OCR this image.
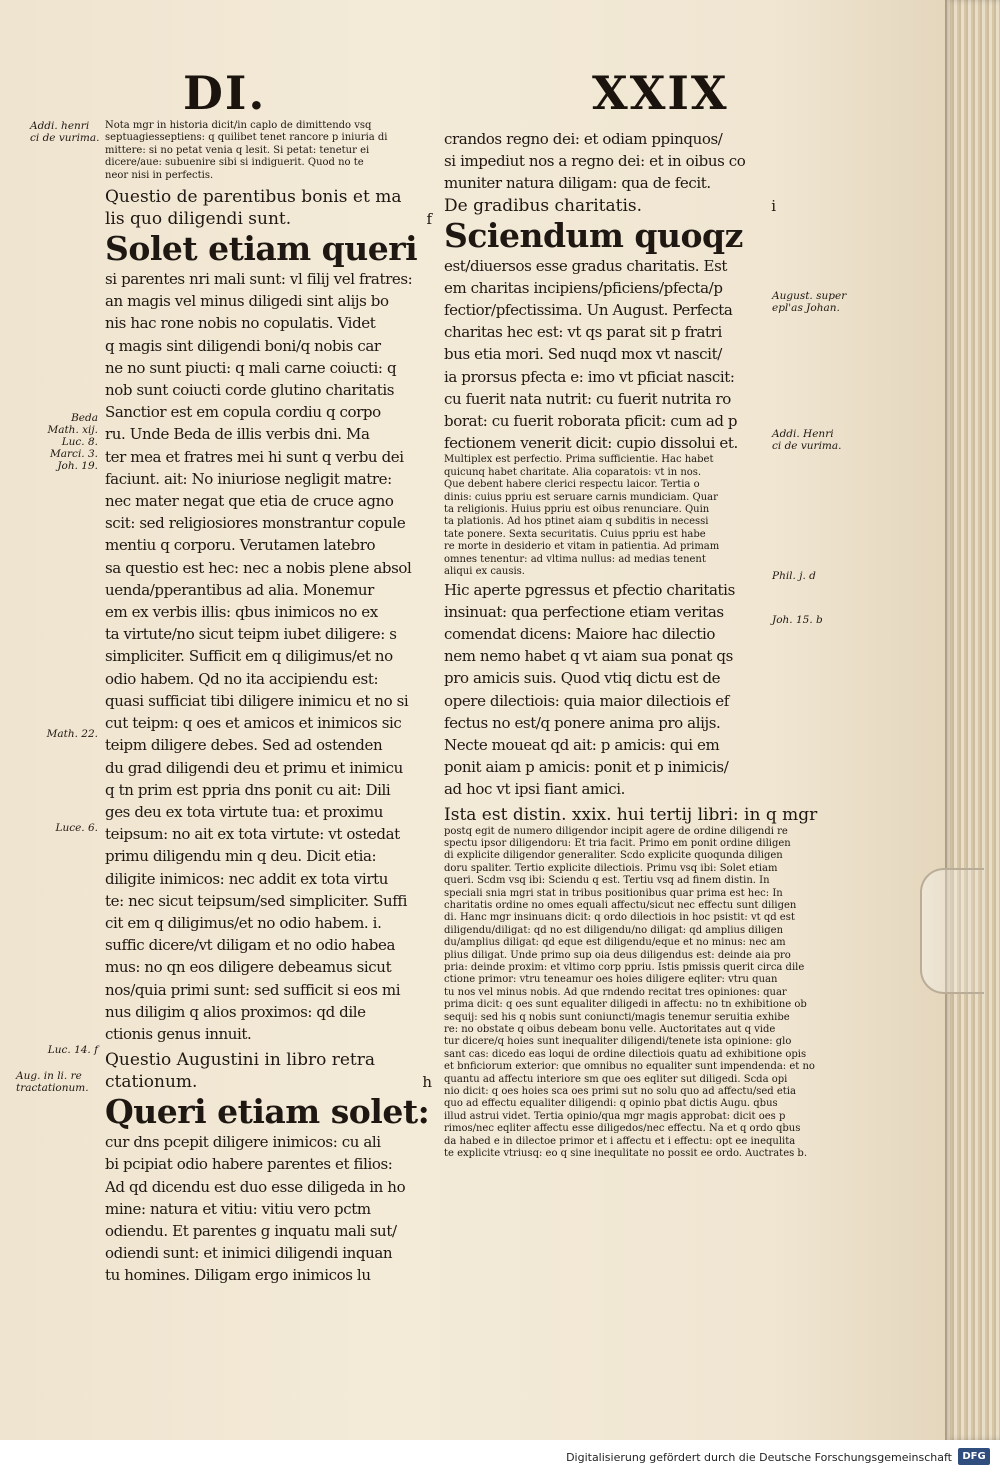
DI.	XXIX
Nota mgr in historia dicit/in caplo de dimittendo vsq
septuagiesseptiens: q quilibet tenet rancore p iniuria di
mittere: si no petat venia q lesit. Si petat: tenetur ei
dicere/aue: subuenire sibi si indiguerit. Quod no te
neor nisi in perfectis.
Questio de parentibus bonis et ma
lis quo diligendi sunt.	f
Solet etiam queri
si parentes nri mali sunt: vl filij vel fratres:
an magis vel minus diligedi sint alijs bo
nis hac rone nobis no copulatis. Videt
q magis sint diligendi boni/q nobis car
ne no sunt piucti: q mali carne coiucti: q
nob sunt coiucti corde glutino charitatis
Sanctior est em copula cordiu q corpo
ru. Unde Beda de illis verbis dni. Ma
ter mea et fratres mei hi sunt q verbu dei
faciunt. ait: No iniuriose negligit matre:
nec mater negat que etia de cruce agno
scit: sed religiosiores monstrantur copule
mentiu q corporu. Verutamen latebro
sa questio est hec: nec a nobis plene absol
uenda/pperantibus ad alia. Monemur
em ex verbis illis: qbus inimicos no ex
ta virtute/no sicut teipm iubet diligere: s
simpliciter. Sufficit em q diligimus/et no
odio habem. Qd no ita accipiendu est:
quasi sufficiat tibi diligere inimicu et no si
cut teipm: q oes et amicos et inimicos sic
teipm diligere debes. Sed ad ostenden
du grad diligendi deu et primu et inimicu
q tn prim est ppria dns ponit cu ait: Dili
ges deu ex tota virtute tua: et proximu
teipsum: no ait ex tota virtute: vt ostedat
primu diligendu min q deu. Dicit etia:
diligite inimicos: nec addit ex tota virtu
te: nec sicut teipsum/sed simpliciter. Suffi
cit em q diligimus/et no odio habem. i.
suffic dicere/vt diligam et no odio habea
mus: no qn eos diligere debeamus sicut
nos/quia primi sunt: sed sufficit si eos mi
nus diligim q alios proximos: qd dile
ctionis genus innuit.
Questio Augustini in libro retra
ctationum.	h
Queri etiam solet:
cur dns pcepit diligere inimicos: cu ali
bi pcipiat odio habere parentes et filios:
Ad qd dicendu est duo esse diligeda in ho
mine: natura et vitiu: vitiu vero pctm
odiendu. Et parentes g inquatu mali sut/
odiendi sunt: et inimici diligendi inquan
tu homines. Diligam ergo inimicos lu
crandos regno dei: et odiam ppinquos/
si impediut nos a regno dei: et in oibus co
muniter natura diligam: qua de fecit.
De gradibus charitatis.	i
Sciendum quoqz
est/diuersos esse gradus charitatis. Est
em charitas incipiens/pficiens/pfecta/p
fectior/pfectissima. Un August. Perfecta
charitas hec est: vt qs parat sit p fratri
bus etia mori. Sed nuqd mox vt nascit/
ia prorsus pfecta e: imo vt pficiat nascit:
cu fuerit nata nutrit: cu fuerit nutrita ro
borat: cu fuerit roborata pficit: cum ad p
fectionem venerit dicit: cupio dissolui et.
Multiplex est perfectio. Prima sufficientie. Hac habet
quicunq habet charitate. Alia coparatois: vt in nos.
Que debent habere clerici respectu laicor. Tertia o
dinis: cuius ppriu est seruare carnis mundiciam. Quar
ta religionis. Huius ppriu est oibus renunciare. Quin
ta plationis. Ad hos ptinet aiam q subditis in necessi
tate ponere. Sexta securitatis. Cuius ppriu est habe
re morte in desiderio et vitam in patientia. Ad primam
omnes tenentur: ad vltima nullus: ad medias tenent
aliqui ex causis.
Hic aperte pgressus et pfectio charitatis
insinuat: qua perfectione etiam veritas
comendat dicens: Maiore hac dilectio
nem nemo habet q vt aiam sua ponat qs
pro amicis suis. Quod vtiq dictu est de
opere dilectiois: quia maior dilectiois ef
fectus no est/q ponere anima pro alijs.
Necte moueat qd ait: p amicis: qui em
ponit aiam p amicis: ponit et p inimicis/
ad hoc vt ipsi fiant amici.
Ista est distin. xxix. hui tertij libri: in q mgr
postq egit de numero diligendor incipit agere de ordine diligendi re
spectu ipsor diligendoru: Et tria facit. Primo em ponit ordine diligen
di explicite diligendor generaliter. Scdo explicite quoqunda diligen
doru spaliter. Tertio explicite dilectiois. Primu vsq ibi: Solet etiam
queri. Scdm vsq ibi: Sciendu q est. Tertiu vsq ad finem distin. In
speciali snia mgri stat in tribus positionibus quar prima est hec: In
charitatis ordine no omes equali affectu/sicut nec effectu sunt diligen
di. Hanc mgr insinuans dicit: q ordo dilectiois in hoc psistit: vt qd est
diligendu/diligat: qd no est diligendu/no diligat: qd amplius diligen
du/amplius diligat: qd eque est diligendu/eque et no minus: nec am
plius diligat. Unde primo sup oia deus diligendus est: deinde aia pro
pria: deinde proxim: et vltimo corp ppriu. Istis pmissis querit circa dile
ctione primor: vtru teneamur oes hoies diligere eqliter: vtru quan
tu nos vel minus nobis. Ad que rndendo recitat tres opiniones: quar
prima dicit: q oes sunt equaliter diligedi in affectu: no tn exhibitione ob
sequij: sed his q nobis sunt coniuncti/magis tenemur seruitia exhibe
re: no obstate q oibus debeam bonu velle. Auctoritates aut q vide
tur dicere/q hoies sunt inequaliter diligendi/tenete ista opinione: glo
sant cas: dicedo eas loqui de ordine dilectiois quatu ad exhibitione opis
et bnficiorum exterior: que omnibus no equaliter sunt impendenda: et no
quantu ad affectu interiore sm que oes eqliter sut diligedi. Scda opi
nio dicit: q oes hoies sca oes primi sut no solu quo ad affectu/sed etia
quo ad effectu equaliter diligendi: q opinio pbat dictis Augu. qbus
illud astrui videt. Tertia opinio/qua mgr magis approbat: dicit oes p
rimos/nec eqliter affectu esse diligedos/nec effectu. Na et q ordo qbus
da habed e in dilectoe primor et i affectu et i effectu: opt ee inequlita
te explicite vtriusq: eo q sine inequlitate no possit ee ordo. Auctrates b.
Addi. henri
ci de vurima.
Beda
Math. xij.
Luc. 8.
Marci. 3.
Joh. 19.
Math. 22.
Luce. 6.
Luc. 14. f
Aug. in li. re
tractationum.
August. super
epl'as Johan.
Addi. Henri
ci de vurima.
Phil. j. d
Joh. 15. b
Digitalisierung gefördert durch die Deutsche Forschungsgemeinschaft	DFG
